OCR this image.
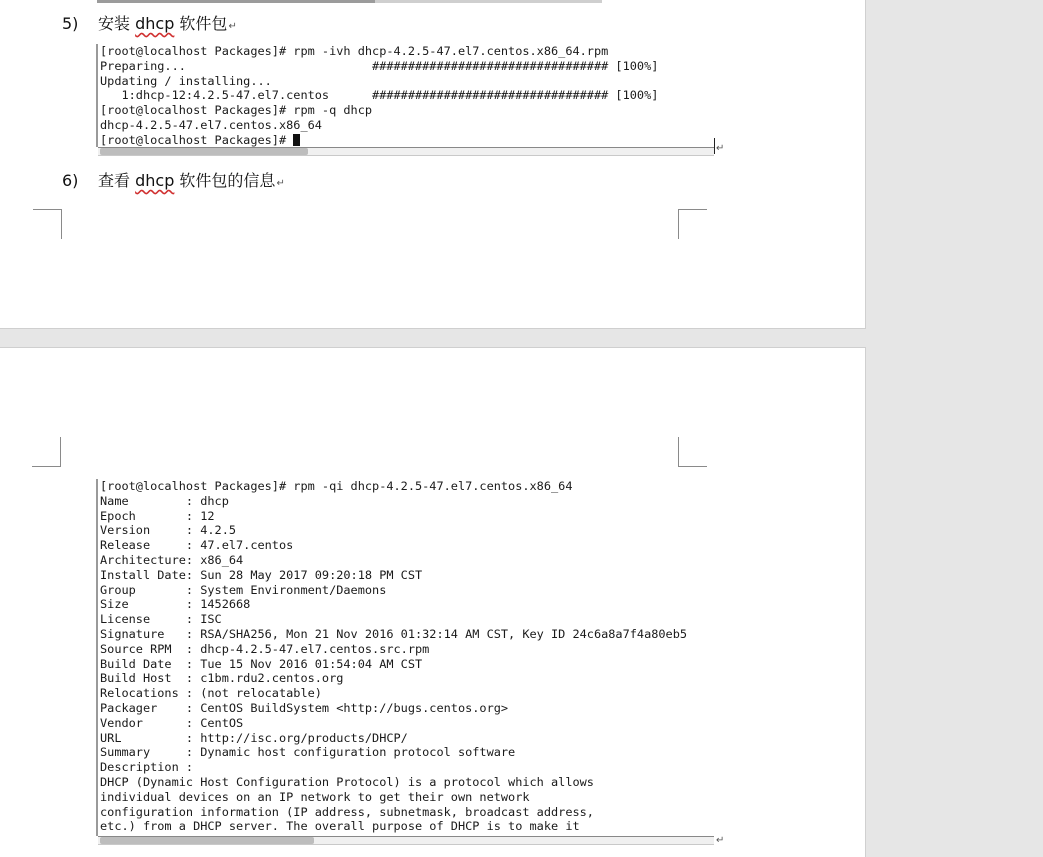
5) 安装 dhcp 软件包↵
[root@localhost Packages]# rpm -ivh dhcp-4.2.5-47.el7.centos.x86_64.rpm
Preparing...                          ################################# [100%]
Updating / installing...
1:dhcp-12:4.2.5-47.el7.centos      ################################# [100%]
[root@localhost Packages]# rpm -q dhcp
dhcp-4.2.5-47.el7.centos.x86_64
[root@localhost Packages]#
↵
6) 查看 dhcp 软件包的信息↵
[root@localhost Packages]# rpm -qi dhcp-4.2.5-47.el7.centos.x86_64
Name        : dhcp
Epoch       : 12
Version     : 4.2.5
Release     : 47.el7.centos
Architecture: x86_64
Install Date: Sun 28 May 2017 09:20:18 PM CST
Group       : System Environment/Daemons
Size        : 1452668
License     : ISC
Signature   : RSA/SHA256, Mon 21 Nov 2016 01:32:14 AM CST, Key ID 24c6a8a7f4a80eb5
Source RPM  : dhcp-4.2.5-47.el7.centos.src.rpm
Build Date  : Tue 15 Nov 2016 01:54:04 AM CST
Build Host  : c1bm.rdu2.centos.org
Relocations : (not relocatable)
Packager    : CentOS BuildSystem <http://bugs.centos.org>
Vendor      : CentOS
URL         : http://isc.org/products/DHCP/
Summary     : Dynamic host configuration protocol software
Description :
DHCP (Dynamic Host Configuration Protocol) is a protocol which allows
individual devices on an IP network to get their own network
configuration information (IP address, subnetmask, broadcast address,
etc.) from a DHCP server. The overall purpose of DHCP is to make it
↵
